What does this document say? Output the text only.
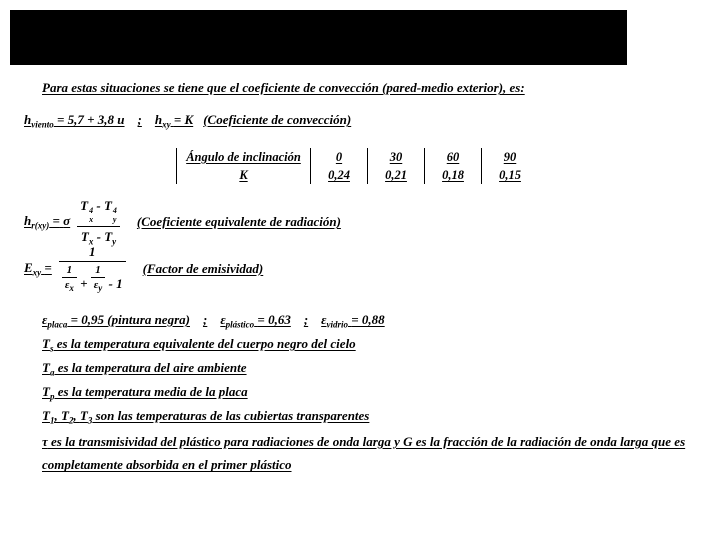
Para estas situaciones se tiene que el coeficiente de convección (pared-medio exterior), es:
$h_{viento} = 5,7 + 3,8$ u ; $h_{xy} = K$ (Coeficiente de convección)
Ángulo de inclinación
K
0
0,24
30
0,21
60
0,18
90
0,15
$h_{r(xy)} = \sigma$ T 4
x
- T 4
y
$T_x - T_y$ (Coeficiente equivalente de radiación)
$E_{xy}$ =
1
$\frac{1}{\varepsilon_x} + \frac{1}{\varepsilon_y} - 1$
(Factor de emisividad)
$\varepsilon_{placa} = 0,95$ (pintura negra) ; $\varepsilon_{plástico} = 0,63$ ; $\varepsilon_{vidrio} = 0,88$
$T_s$ es la temperatura equivalente del cuerpo negro del cielo
$T_a$ es la temperatura del aire ambiente
$T_p$ es la temperatura media de la placa
$T_1$, $T_2$, $T_3$ son las temperaturas de las cubiertas transparentes
τ es la transmisividad del plástico para radiaciones de onda larga y G es la fracción de la radiación de onda larga que es completamente absorbida en el primer plástico
